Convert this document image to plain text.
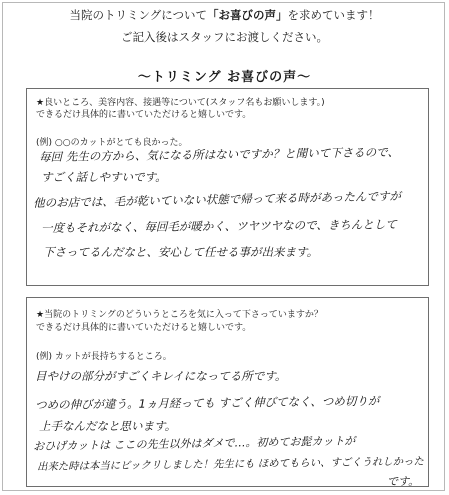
当院のトリミングについて「お喜びの声」を求めています！
ご記入後はスタッフにお渡しください。
～トリミング お喜びの声～
★良いところ、美容内容、接遇等について(スタッフ名もお願いします。)
できるだけ具体的に書いていただけると嬉しいです。
(例) ○○のカットがとても良かった。
毎回 先生の方から、気になる所はないですか？と聞いて下さるので、
すごく話しやすいです。
他のお店では、毛が乾いていない状態で帰って来る時があったんですが
一度もそれがなく、毎回毛が暖かく、ツヤツヤなので、きちんとして
下さってるんだなと、安心して任せる事が出来ます。
★当院のトリミングのどういうところを気に入って下さっていますか？
できるだけ具体的に書いていただけると嬉しいです。
(例) カットが長持ちするところ。
目やけの部分がすごくキレイになってる所です。
つめの伸びが違う。1ヵ月経っても すごく伸びてなく、つめ切りが
上手なんだなと思います。
おひげカットは ここの先生以外はダメで…。初めてお髭カットが
出来た時は本当にビックリしました！先生にも ほめてもらい、すごくうれしかった
です。
